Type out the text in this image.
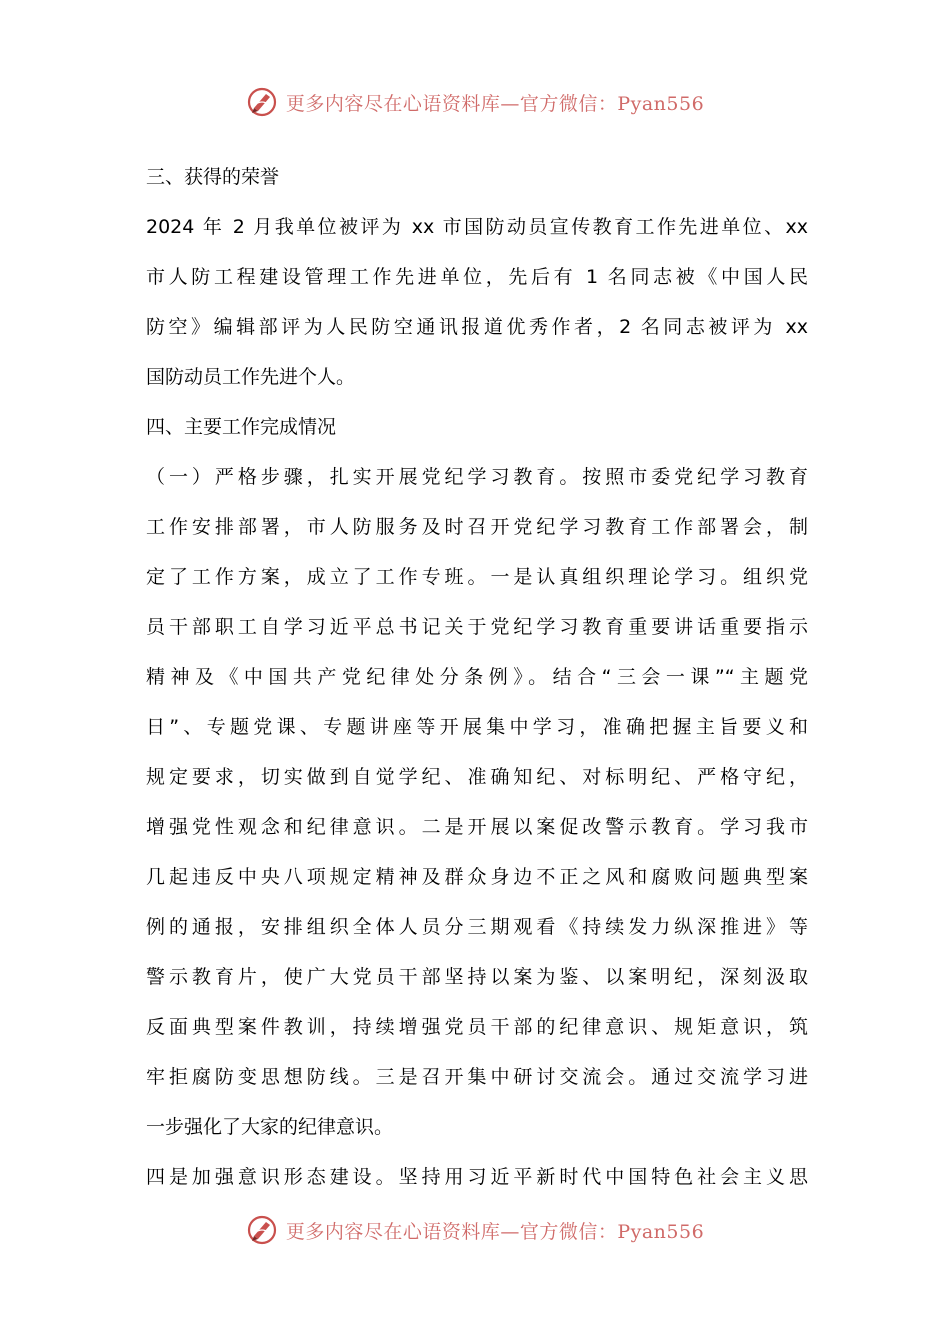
更多内容尽在心语资料库—官方微信：Pyan556
三、获得的荣誉
2024 年 2 月我单位被评为 xx 市国防动员宣传教育工作先进单位、xx
市人防工程建设管理工作先进单位，先后有 1 名同志被《中国人民
防空》编辑部评为人民防空通讯报道优秀作者，2 名同志被评为 xx
国防动员工作先进个人。
四、主要工作完成情况
（一）严格步骤，扎实开展党纪学习教育。按照市委党纪学习教育
工作安排部署，市人防服务及时召开党纪学习教育工作部署会，制
定了工作方案，成立了工作专班。一是认真组织理论学习。组织党
员干部职工自学习近平总书记关于党纪学习教育重要讲话重要指示
精神及《中国共产党纪律处分条例》。结合“三会一课”“主题党
日”、专题党课、专题讲座等开展集中学习，准确把握主旨要义和
规定要求，切实做到自觉学纪、准确知纪、对标明纪、严格守纪，
增强党性观念和纪律意识。二是开展以案促改警示教育。学习我市
几起违反中央八项规定精神及群众身边不正之风和腐败问题典型案
例的通报，安排组织全体人员分三期观看《持续发力纵深推进》等
警示教育片，使广大党员干部坚持以案为鉴、以案明纪，深刻汲取
反面典型案件教训，持续增强党员干部的纪律意识、规矩意识，筑
牢拒腐防变思想防线。三是召开集中研讨交流会。通过交流学习进
一步强化了大家的纪律意识。
四是加强意识形态建设。坚持用习近平新时代中国特色社会主义思
更多内容尽在心语资料库—官方微信：Pyan556
